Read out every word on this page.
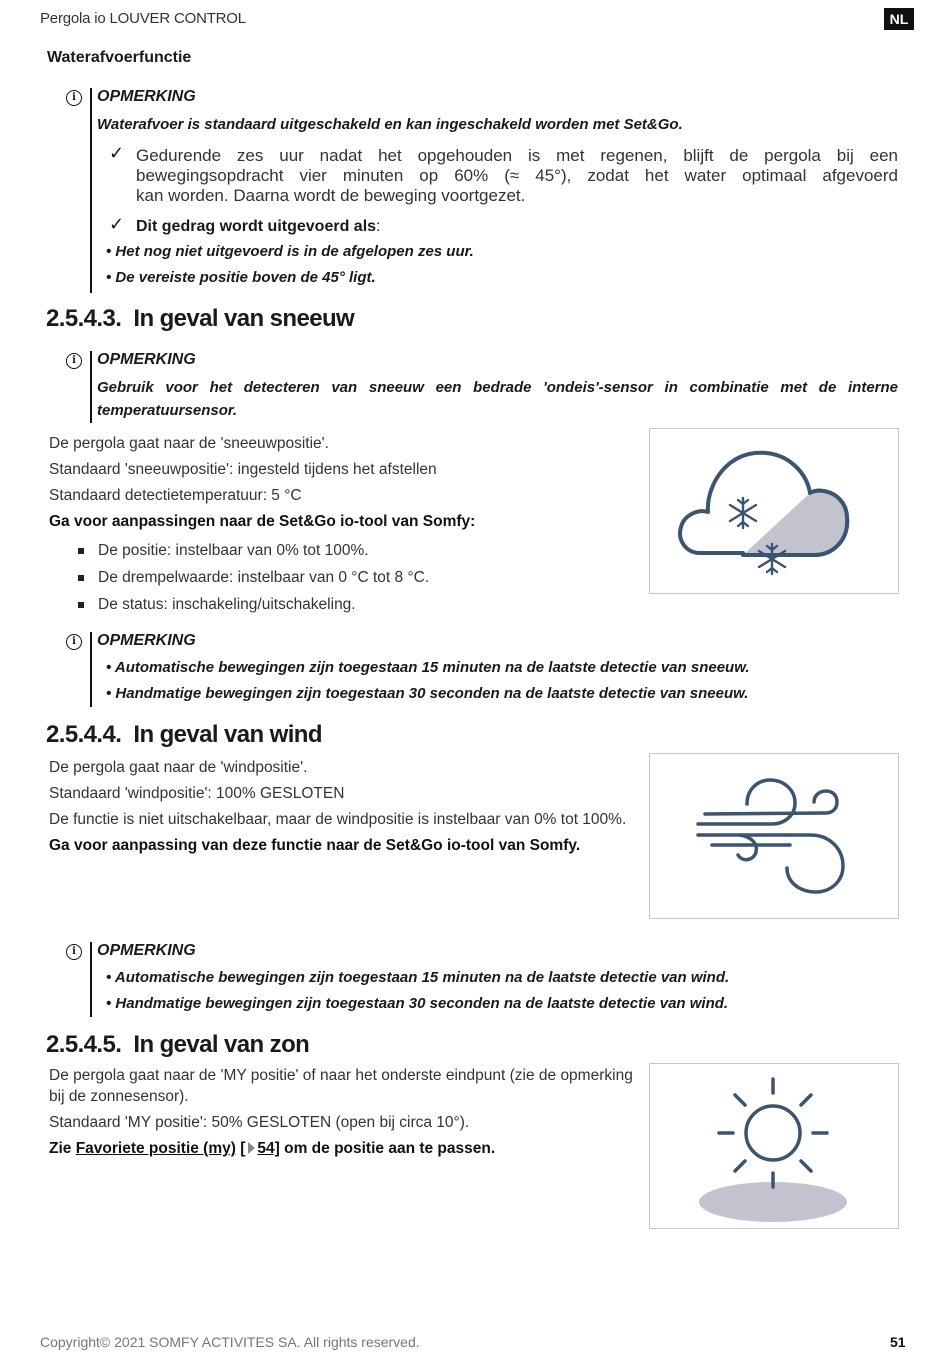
Pergola io LOUVER CONTROL	NL
Waterafvoerfunctie
i	OPMERKING
Waterafvoer is standaard uitgeschakeld en kan ingeschakeld worden met Set&Go.
✓ Gedurende zes uur nadat het opgehouden is met regenen, blijft de pergola bij een
bewegingsopdracht vier minuten op 60% (≈ 45°), zodat het water optimaal afgevoerd
kan worden. Daarna wordt de beweging voortgezet.
✓ Dit gedrag wordt uitgevoerd als:
• Het nog niet uitgevoerd is in de afgelopen zes uur.
• De vereiste positie boven de 45° ligt.
2.5.4.3. In geval van sneeuw
i	OPMERKING
Gebruik voor het detecteren van sneeuw een bedrade 'ondeis'-sensor in combinatie met de interne
temperatuursensor.
De pergola gaat naar de 'sneeuwpositie'.
Standaard 'sneeuwpositie': ingesteld tijdens het afstellen
Standaard detectietemperatuur: 5 °C
Ga voor aanpassingen naar de Set&Go io-tool van Somfy:
De positie: instelbaar van 0% tot 100%.
De drempelwaarde: instelbaar van 0 °C tot 8 °C.
De status: inschakeling/uitschakeling.
i	OPMERKING
• Automatische bewegingen zijn toegestaan 15 minuten na de laatste detectie van sneeuw.
• Handmatige bewegingen zijn toegestaan 30 seconden na de laatste detectie van sneeuw.
2.5.4.4. In geval van wind
De pergola gaat naar de 'windpositie'.
Standaard 'windpositie': 100% GESLOTEN
De functie is niet uitschakelbaar, maar de windpositie is instelbaar van 0% tot 100%.
Ga voor aanpassing van deze functie naar de Set&Go io-tool van Somfy.
i	OPMERKING
• Automatische bewegingen zijn toegestaan 15 minuten na de laatste detectie van wind.
• Handmatige bewegingen zijn toegestaan 30 seconden na de laatste detectie van wind.
2.5.4.5. In geval van zon
De pergola gaat naar de 'MY positie' of naar het onderste eindpunt (zie de opmerking
bij de zonnesensor).
Standaard 'MY positie': 50% GESLOTEN (open bij circa 10°).
Zie Favoriete positie (my) [ 54] om de positie aan te passen.
Copyright© 2021 SOMFY ACTIVITES SA. All rights reserved.	51
